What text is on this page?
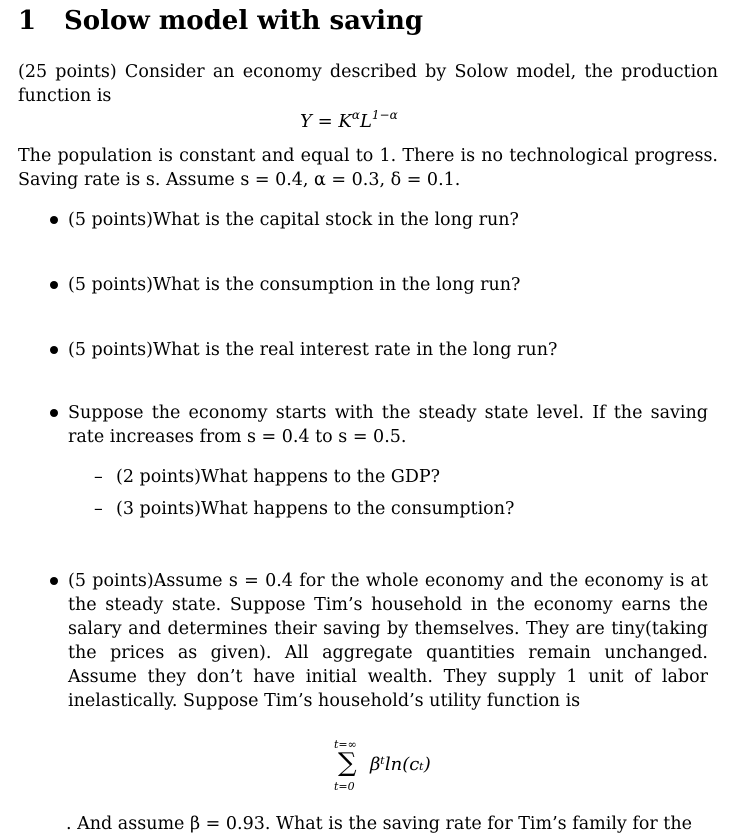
1 Solow model with saving
(25 points) Consider an economy described by Solow model, the production function is
$Y = K^\alpha L^{1-\alpha}$
The population is constant and equal to 1. There is no technological progress. Saving rate is s. Assume s = 0.4, α = 0.3, δ = 0.1.
(5 points)What is the capital stock in the long run?
(5 points)What is the consumption in the long run?
(5 points)What is the real interest rate in the long run?
Suppose the economy starts with the steady state level. If the saving rate increases from s = 0.4 to s = 0.5.
– (2 points)What happens to the GDP?
– (3 points)What happens to the consumption?
(5 points)Assume s = 0.4 for the whole economy and the economy is at the steady state. Suppose Tim’s household in the economy earns the salary and determines their saving by themselves. They are tiny(taking the prices as given). All aggregate quantities remain unchanged. Assume they don’t have initial wealth. They supply 1 unit of labor inelastically. Suppose Tim’s household’s utility function is
t=∞
∑ βᵗln(cₜ)
t=0
. And assume β = 0.93. What is the saving rate for Tim’s family for the
